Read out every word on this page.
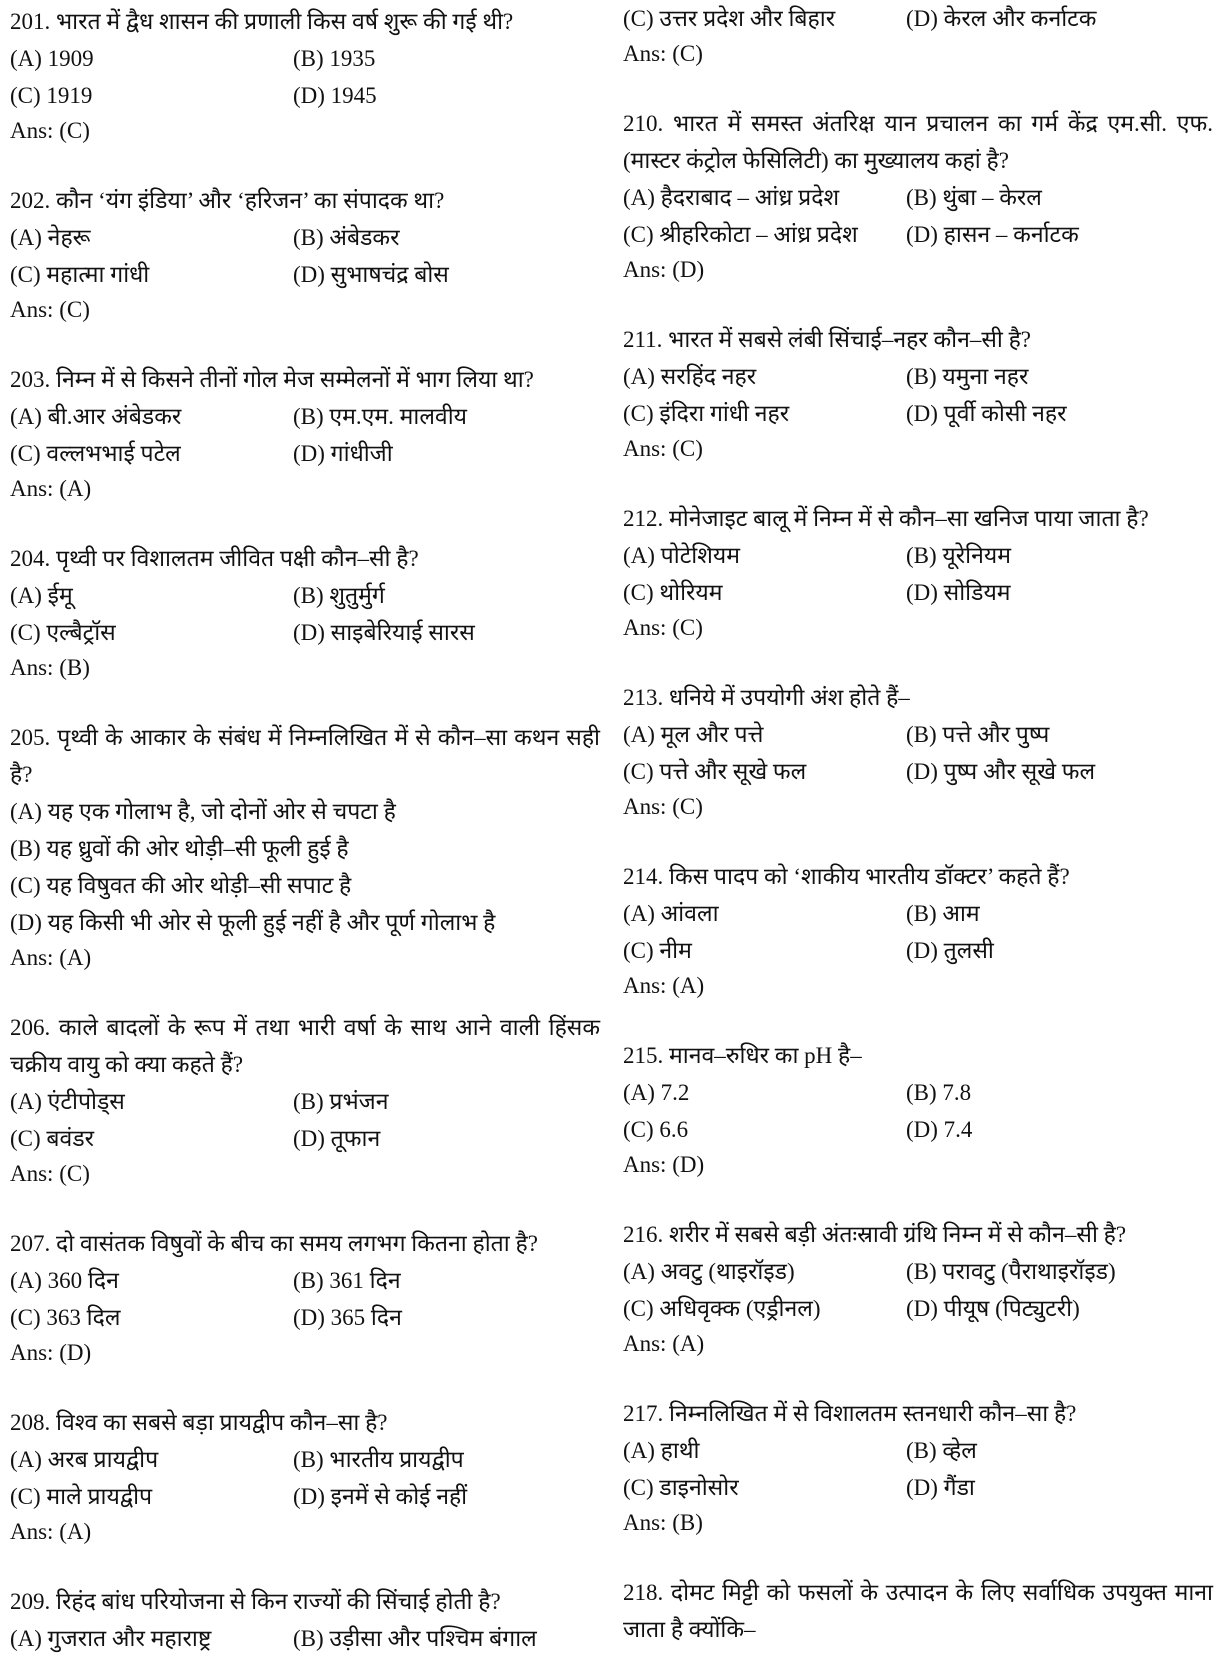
201. भारत में द्वैध शासन की प्रणाली किस वर्ष शुरू की गई थी?
(A) 1909	(B) 1935
(C) 1919	(D) 1945
Ans: (C)
202. कौन ‘यंग इंडिया’ और ‘हरिजन’ का संपादक था?
(A) नेहरू	(B) अंबेडकर
(C) महात्मा गांधी	(D) सुभाषचंद्र बोस
Ans: (C)
203. निम्न में से किसने तीनों गोल मेज सम्मेलनों में भाग लिया था?
(A) बी.आर अंबेडकर	(B) एम.एम. मालवीय
(C) वल्लभभाई पटेल	(D) गांधीजी
Ans: (A)
204. पृथ्वी पर विशालतम जीवित पक्षी कौन–सी है?
(A) ईमू	(B) शुतुर्मुर्ग
(C) एल्बैट्रॉस	(D) साइबेरियाई सारस
Ans: (B)
205. पृथ्वी के आकार के संबंध में निम्नलिखित में से कौन–सा कथन सही है?
(A) यह एक गोलाभ है, जो दोनों ओर से चपटा है
(B) यह ध्रुवों की ओर थोड़ी–सी फूली हुई है
(C) यह विषुवत की ओर थोड़ी–सी सपाट है
(D) यह किसी भी ओर से फूली हुई नहीं है और पूर्ण गोलाभ है
Ans: (A)
206. काले बादलों के रूप में तथा भारी वर्षा के साथ आने वाली हिंसक चक्रीय वायु को क्या कहते हैं?
(A) एंटीपोड्स	(B) प्रभंजन
(C) बवंडर	(D) तूफान
Ans: (C)
207. दो वासंतक विषुवों के बीच का समय लगभग कितना होता है?
(A) 360 दिन	(B) 361 दिन
(C) 363 दिल	(D) 365 दिन
Ans: (D)
208. विश्व का सबसे बड़ा प्रायद्वीप कौन–सा है?
(A) अरब प्रायद्वीप	(B) भारतीय प्रायद्वीप
(C) माले प्रायद्वीप	(D) इनमें से कोई नहीं
Ans: (A)
209. रिहंद बांध परियोजना से किन राज्यों की सिंचाई होती है?
(A) गुजरात और महाराष्ट्र	(B) उड़ीसा और पश्चिम बंगाल
(C) उत्तर प्रदेश और बिहार	(D) केरल और कर्नाटक
Ans: (C)
210. भारत में समस्त अंतरिक्ष यान प्रचालन का गर्म केंद्र एम.सी. एफ. (मास्टर कंट्रोल फेसिलिटी) का मुख्यालय कहां है?
(A) हैदराबाद – आंध्र प्रदेश	(B) थुंबा – केरल
(C) श्रीहरिकोटा – आंध्र प्रदेश	(D) हासन – कर्नाटक
Ans: (D)
211. भारत में सबसे लंबी सिंचाई–नहर कौन–सी है?
(A) सरहिंद नहर	(B) यमुना नहर
(C) इंदिरा गांधी नहर	(D) पूर्वी कोसी नहर
Ans: (C)
212. मोनेजाइट बालू में निम्न में से कौन–सा खनिज पाया जाता है?
(A) पोटेशियम	(B) यूरेनियम
(C) थोरियम	(D) सोडियम
Ans: (C)
213. धनिये में उपयोगी अंश होते हैं–
(A) मूल और पत्ते	(B) पत्ते और पुष्प
(C) पत्ते और सूखे फल	(D) पुष्प और सूखे फल
Ans: (C)
214. किस पादप को ‘शाकीय भारतीय डॉक्टर’ कहते हैं?
(A) आंवला	(B) आम
(C) नीम	(D) तुलसी
Ans: (A)
215. मानव–रुधिर का pH है–
(A) 7.2	(B) 7.8
(C) 6.6	(D) 7.4
Ans: (D)
216. शरीर में सबसे बड़ी अंतःस्रावी ग्रंथि निम्न में से कौन–सी है?
(A) अवटु (थाइरॉइड)	(B) परावटु (पैराथाइरॉइड)
(C) अधिवृक्क (एड्रीनल)	(D) पीयूष (पिट्युटरी)
Ans: (A)
217. निम्नलिखित में से विशालतम स्तनधारी कौन–सा है?
(A) हाथी	(B) व्हेल
(C) डाइनोसोर	(D) गैंडा
Ans: (B)
218. दोमट मिट्टी को फसलों के उत्पादन के लिए सर्वाधिक उपयुक्त माना जाता है क्योंकि–
